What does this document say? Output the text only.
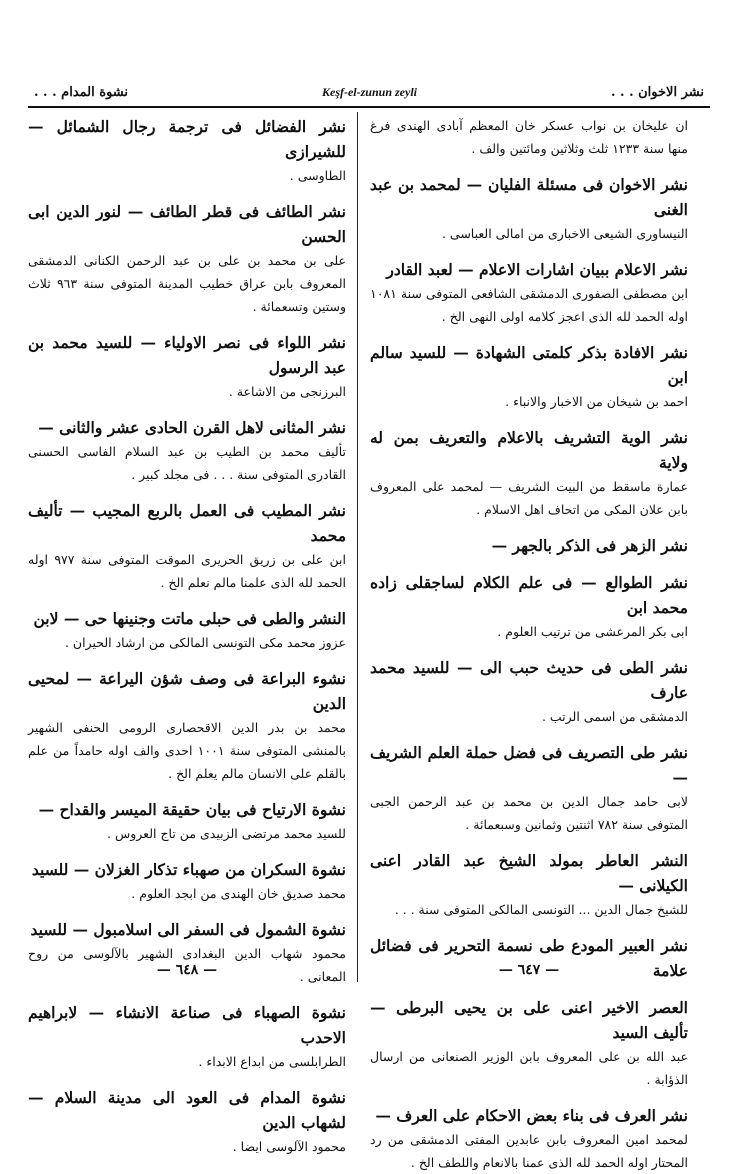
نشوة المدام . . .	Keşf-el-zunun zeyli	نشر الاخوان . . .
ان عليخان بن نواب عسكر خان المعظم آبادى الهندى فرغ منها سنة ١٢٣٣ ثلث وثلاثين ومائتين والف .
نشر الاخوان فى مسئلة الفليان — لمحمد بن عبد الغنى
النيساورى الشيعى الاخبارى من امالى العباسى .
نشر الاعلام ببيان اشارات الاعلام — لعبد القادر
ابن مصطفى الصفورى الدمشقى الشافعى المتوفى سنة ١٠٨١ اوله الحمد لله الذى اعجز كلامه اولى النهى الخ .
نشر الافادة بذكر كلمتى الشهادة — للسيد سالم ابن
احمد بن شيخان من الاخبار والانباء .
نشر الوية التشريف بالاعلام والتعريف بمن له ولاية
عمارة ماسقط من البيت الشريف — لمحمد على المعروف بابن علان المكى من اتحاف اهل الاسلام .
نشر الزهر فى الذكر بالجهر —
نشر الطوالع — فى علم الكلام لساجقلى زاده محمد ابن
ابى بكر المرعشى من ترتيب العلوم .
نشر الطى فى حديث حبب الى — للسيد محمد عارف
الدمشقى من اسمى الرتب .
نشر طى التصريف فى فضل حملة العلم الشريف —
لابى حامد جمال الدين بن محمد بن عبد الرحمن الجبى المتوفى سنة ٧٨٢ اثنتين وثمانين وسبعمائة .
النشر العاطر بمولد الشيخ عبد القادر اعنى الكيلانى —
للشيخ جمال الدين ... التونسى المالكى المتوفى سنة . . .
نشر العبير المودع طى نسمة التحرير فى فضائل علامة
العصر الاخير اعنى على بن يحيى البرطى — تأليف السيد
عبد الله بن على المعروف بابن الوزير الصنعانى من ارسال الذؤابة .
نشر العرف فى بناء بعض الاحكام على العرف —
لمحمد امين المعروف بابن عابدين المفتى الدمشقى من رد المحتار اوله الحمد لله الذى عمنا بالانعام واللطف الخ .
نشر الفضائل فى ترجمة رجال الشمائل — للشيرازى
الطاوسى .
نشر الطائف فى قطر الطائف — لنور الدين ابى الحسن
على بن محمد بن على بن عبد الرحمن الكنانى الدمشقى المعروف بابن عراق خطيب المدينة المتوفى سنة ٩٦٣ ثلاث وستين وتسعمائة .
نشر اللواء فى نصر الاولياء — للسيد محمد بن عبد الرسول
البرزنجى من الاشاعة .
نشر المثانى لاهل القرن الحادى عشر والثانى —
تأليف محمد بن الطيب بن عبد السلام الفاسى الحسنى القادرى المتوفى سنة . . . فى مجلد كبير .
نشر المطيب فى العمل بالربع المجيب — تأليف محمد
ابن على بن زريق الحريرى الموقت المتوفى سنة ٩٧٧ اوله الحمد لله الذى علمنا مالم نعلم الخ .
النشر والطى فى حبلى ماتت وجنينها حى — لابن
عزوز محمد مكى التونسى المالكى من ارشاد الحيران .
نشوء البراعة فى وصف شؤن اليراعة — لمحيى الدين
محمد بن بدر الدين الاقحصارى الرومى الحنفى الشهير بالمنشى المتوفى سنة ١٠٠١ احدى والف اوله حامداً من علم بالقلم على الانسان مالم يعلم الخ .
نشوة الارتياح فى بيان حقيقة الميسر والقداح —
للسيد محمد مرتضى الزبيدى من تاج العروس .
نشوة السكران من صهباء تذكار الغزلان — للسيد
محمد صديق خان الهندى من ابجد العلوم .
نشوة الشمول فى السفر الى اسلامبول — للسيد
محمود شهاب الدين البغدادى الشهير بالآلوسى من روح المعانى .
نشوة الصهباء فى صناعة الانشاء — لابراهيم الاحدب
الطرابلسى من ابداع الابداء .
نشوة المدام فى العود الى مدينة السلام — لشهاب الدين
محمود الآلوسى ايضا .
— ٦٤٨ —	— ٦٤٧ —
